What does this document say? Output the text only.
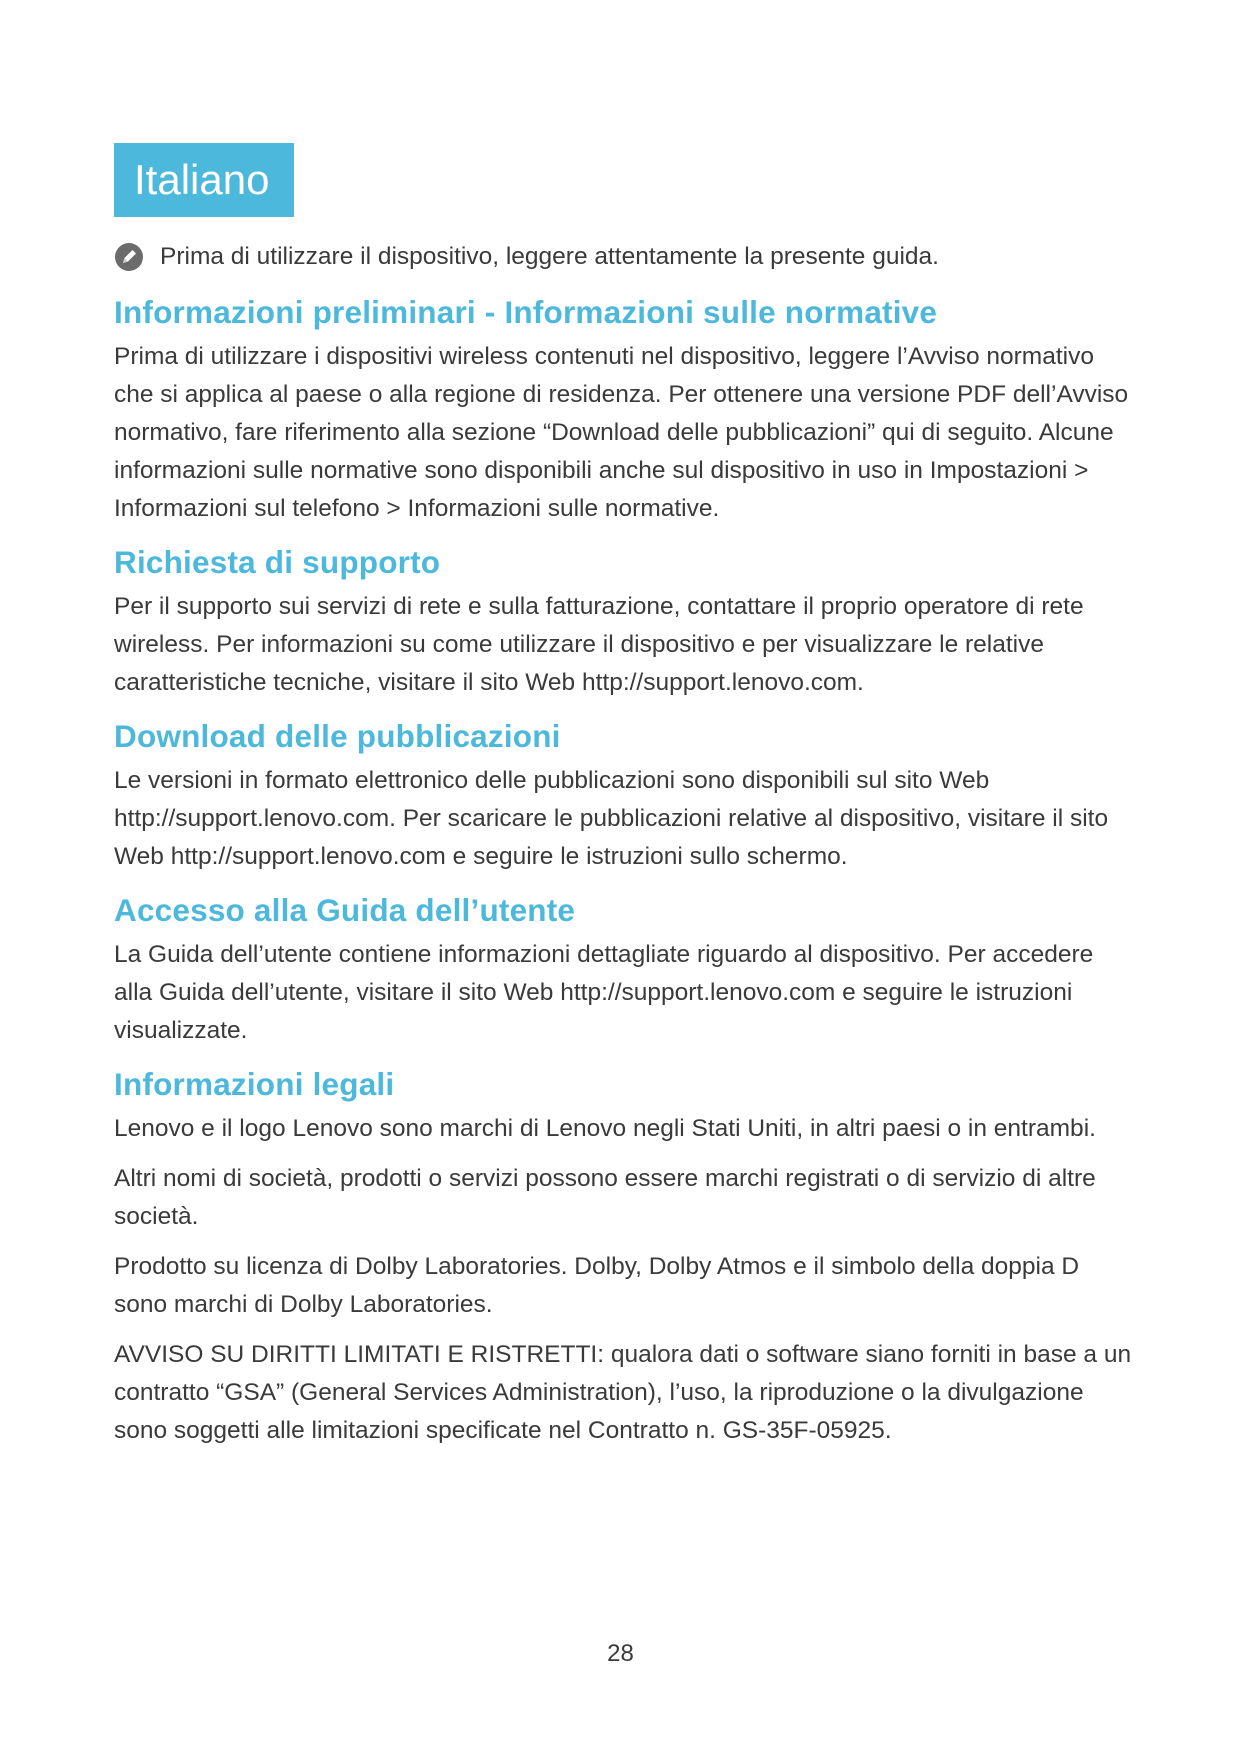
Italiano
Prima di utilizzare il dispositivo, leggere attentamente la presente guida.
Informazioni preliminari - Informazioni sulle normative

Prima di utilizzare i dispositivi wireless contenuti nel dispositivo, leggere l’Avviso normativo che si applica al paese o alla regione di residenza. Per ottenere una versione PDF dell’Avviso normativo, fare riferimento alla sezione “Download delle pubblicazioni” qui di seguito. Alcune informazioni sulle normative sono disponibili anche sul dispositivo in uso in Impostazioni > Informazioni sul telefono > Informazioni sulle normative.

Richiesta di supporto

Per il supporto sui servizi di rete e sulla fatturazione, contattare il proprio operatore di rete wireless. Per informazioni su come utilizzare il dispositivo e per visualizzare le relative caratteristiche tecniche, visitare il sito Web http://support.lenovo.com.

Download delle pubblicazioni

Le versioni in formato elettronico delle pubblicazioni sono disponibili sul sito Web http://support.lenovo.com. Per scaricare le pubblicazioni relative al dispositivo, visitare il sito Web http://support.lenovo.com e seguire le istruzioni sullo schermo.

Accesso alla Guida dell’utente

La Guida dell’utente contiene informazioni dettagliate riguardo al dispositivo. Per accedere alla Guida dell’utente, visitare il sito Web http://support.lenovo.com e seguire le istruzioni visualizzate.

Informazioni legali

Lenovo e il logo Lenovo sono marchi di Lenovo negli Stati Uniti, in altri paesi o in entrambi.

Altri nomi di società, prodotti o servizi possono essere marchi registrati o di servizio di altre società.

Prodotto su licenza di Dolby Laboratories. Dolby, Dolby Atmos e il simbolo della doppia D sono marchi di Dolby Laboratories.

AVVISO SU DIRITTI LIMITATI E RISTRETTI: qualora dati o software siano forniti in base a un contratto “GSA” (General Services Administration), l’uso, la riproduzione o la divulgazione sono soggetti alle limitazioni specificate nel Contratto n. GS-35F-05925.

28
